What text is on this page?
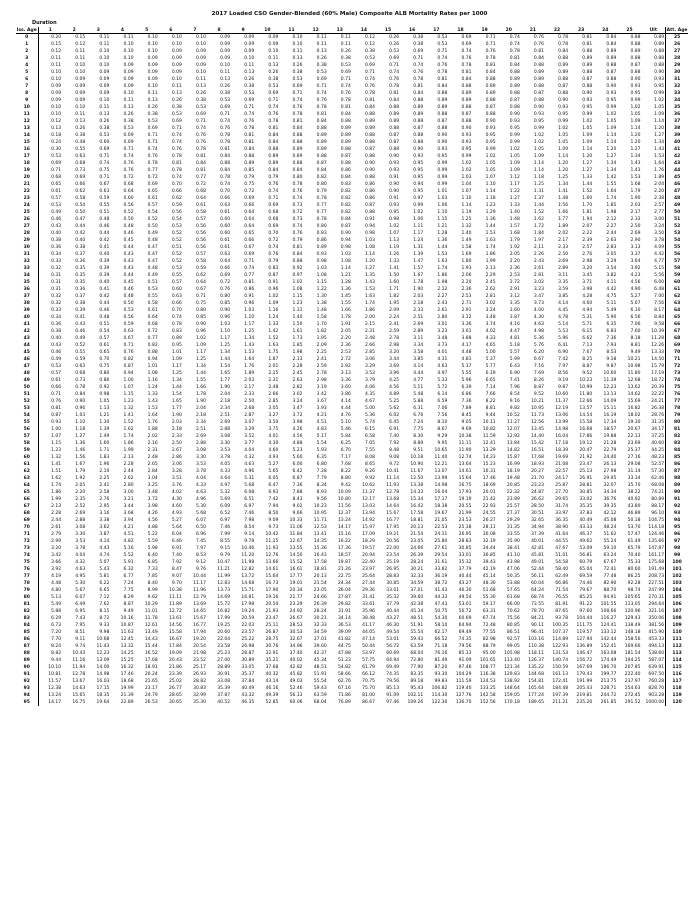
2017 Loaded CSO Gender-Blended (60% Male) Composite ALB Mortality Rates per 1000
Duration
Iss. Age	1	2	3	4	5	6	7	8	9	10	11	12	13	14	15	16	17	18	19	20	21	22	23	24	25	Ult	Att. Age
0	0.20	0.15	0.11	0.11	0.10	0.10	0.10	0.09	0.09	0.09	0.10	0.11	0.11	0.12	0.26	0.38	0.53	0.69	0.71	0.74	0.76	0.78	0.81	0.84	0.88	0.89	25
1	0.15	0.12	0.11	0.10	0.10	0.10	0.10	0.09	0.09	0.09	0.10	0.11	0.11	0.12	0.26	0.38	0.53	0.69	0.71	0.74	0.76	0.78	0.81	0.84	0.88	0.89	26
2	0.12	0.11	0.10	0.10	0.10	0.09	0.09	0.09	0.09	0.10	0.11	0.13	0.26	0.38	0.53	0.69	0.71	0.74	0.76	0.78	0.81	0.84	0.88	0.89	0.89	0.88	27
3	0.11	0.11	0.10	0.10	0.09	0.09	0.09	0.09	0.10	0.11	0.13	0.26	0.38	0.53	0.69	0.71	0.74	0.76	0.78	0.81	0.84	0.88	0.89	0.89	0.88	0.88	28
4	0.11	0.10	0.10	0.09	0.09	0.09	0.09	0.10	0.11	0.13	0.26	0.38	0.53	0.69	0.71	0.74	0.76	0.78	0.81	0.84	0.88	0.89	0.89	0.88	0.87	0.88	29
5	0.10	0.10	0.09	0.09	0.09	0.09	0.10	0.11	0.13	0.26	0.38	0.53	0.69	0.71	0.74	0.76	0.78	0.81	0.84	0.88	0.89	0.89	0.88	0.87	0.88	0.90	30
6	0.10	0.09	0.09	0.09	0.09	0.10	0.11	0.13	0.26	0.38	0.53	0.69	0.71	0.74	0.76	0.78	0.81	0.84	0.88	0.89	0.89	0.88	0.87	0.88	0.90	0.93	31
7	0.09	0.09	0.09	0.09	0.10	0.11	0.13	0.26	0.38	0.53	0.69	0.71	0.74	0.76	0.78	0.81	0.84	0.88	0.89	0.89	0.88	0.87	0.88	0.90	0.93	0.95	32
8	0.09	0.09	0.09	0.10	0.11	0.13	0.26	0.38	0.53	0.69	0.71	0.74	0.76	0.78	0.81	0.84	0.88	0.89	0.89	0.88	0.87	0.88	0.90	0.93	0.95	0.99	33
9	0.09	0.09	0.10	0.11	0.13	0.26	0.38	0.53	0.69	0.71	0.74	0.76	0.78	0.81	0.84	0.88	0.89	0.89	0.88	0.87	0.88	0.90	0.93	0.95	0.99	1.02	34
10	0.10	0.10	0.11	0.13	0.26	0.38	0.53	0.69	0.71	0.74	0.76	0.78	0.81	0.84	0.88	0.89	0.89	0.88	0.87	0.88	0.90	0.93	0.95	0.99	1.02	1.05	35
11	0.10	0.11	0.13	0.26	0.38	0.53	0.69	0.71	0.74	0.76	0.78	0.81	0.84	0.88	0.89	0.89	0.88	0.87	0.88	0.90	0.93	0.95	0.99	1.02	1.05	1.09	36
12	0.12	0.13	0.26	0.38	0.53	0.69	0.71	0.74	0.76	0.78	0.81	0.84	0.88	0.89	0.89	0.88	0.87	0.88	0.90	0.93	0.95	0.99	1.02	1.05	1.09	1.14	37
13	0.13	0.26	0.38	0.53	0.69	0.71	0.74	0.76	0.78	0.81	0.84	0.88	0.89	0.89	0.88	0.87	0.88	0.90	0.93	0.95	0.99	1.02	1.05	1.09	1.14	1.20	38
14	0.18	0.38	0.53	0.69	0.71	0.74	0.76	0.78	0.81	0.84	0.88	0.89	0.89	0.88	0.87	0.88	0.90	0.93	0.95	0.99	1.02	1.05	1.09	1.14	1.20	1.27	39
15	0.24	0.48	0.60	0.69	0.71	0.74	0.76	0.78	0.81	0.84	0.88	0.89	0.89	0.88	0.87	0.88	0.90	0.93	0.95	0.99	1.02	1.05	1.09	1.14	1.20	1.34	40
16	0.30	0.55	0.69	0.71	0.74	0.76	0.78	0.81	0.84	0.88	0.89	0.89	0.88	0.87	0.88	0.90	0.93	0.95	0.99	1.02	1.05	1.09	1.14	1.20	1.27	1.43	41
17	0.53	0.63	0.71	0.74	0.76	0.78	0.81	0.84	0.88	0.89	0.89	0.88	0.87	0.88	0.90	0.93	0.95	0.99	1.02	1.05	1.09	1.14	1.20	1.27	1.34	1.53	42
18	0.69	0.68	0.74	0.76	0.78	0.81	0.84	0.88	0.89	0.89	0.88	0.87	0.88	0.90	0.93	0.95	0.99	1.02	1.05	1.09	1.14	1.20	1.27	1.34	1.43	1.64	43
19	0.71	0.73	0.75	0.76	0.77	0.78	0.81	0.84	0.85	0.84	0.84	0.84	0.86	0.90	0.93	0.95	0.99	1.02	1.05	1.09	1.14	1.20	1.27	1.34	1.43	1.76	44
20	0.68	0.69	0.71	0.72	0.72	0.74	0.77	0.78	0.79	0.79	0.80	0.82	0.84	0.88	0.91	0.95	0.99	1.03	1.07	1.12	1.18	1.25	1.33	1.42	1.53	1.89	45
21	0.65	0.66	0.67	0.68	0.69	0.70	0.72	0.74	0.75	0.76	0.78	0.80	0.83	0.86	0.90	0.94	0.99	1.04	1.10	1.17	1.25	1.34	1.44	1.55	1.68	2.04	46
22	0.61	0.62	0.63	0.64	0.65	0.66	0.68	0.70	0.72	0.74	0.76	0.79	0.82	0.86	0.90	0.95	1.01	1.07	1.14	1.22	1.31	1.41	1.52	1.64	1.79	2.20	47
23	0.57	0.58	0.59	0.60	0.61	0.62	0.64	0.66	0.69	0.71	0.74	0.78	0.82	0.86	0.91	0.97	1.03	1.10	1.18	1.27	1.37	1.48	1.60	1.74	1.90	2.38	48
24	0.53	0.54	0.55	0.56	0.57	0.59	0.61	0.63	0.66	0.69	0.73	0.77	0.82	0.87	0.93	0.99	1.06	1.14	1.23	1.33	1.44	1.56	1.70	1.85	2.03	2.57	49
25	0.49	0.50	0.51	0.52	0.54	0.56	0.58	0.61	0.64	0.68	0.72	0.77	0.82	0.88	0.95	1.02	1.10	1.19	1.29	1.40	1.52	1.66	1.81	1.98	2.17	2.77	50
26	0.46	0.47	0.48	0.50	0.52	0.54	0.57	0.60	0.64	0.68	0.73	0.78	0.84	0.91	0.98	1.06	1.15	1.25	1.36	1.48	1.62	1.77	1.94	2.12	2.33	3.00	51
27	0.43	0.44	0.46	0.48	0.50	0.53	0.56	0.60	0.64	0.69	0.74	0.80	0.87	0.94	1.02	1.11	1.21	1.32	1.44	1.57	1.72	1.89	2.07	2.27	2.50	3.24	52
28	0.40	0.42	0.44	0.46	0.49	0.52	0.56	0.60	0.65	0.70	0.76	0.83	0.90	0.98	1.07	1.17	1.28	1.40	1.53	1.68	1.84	2.02	2.22	2.44	2.69	3.50	53
29	0.38	0.40	0.42	0.45	0.48	0.52	0.56	0.61	0.66	0.72	0.79	0.86	0.94	1.03	1.13	1.24	1.36	1.49	1.63	1.79	1.97	2.17	2.39	2.63	2.90	3.78	54
30	0.36	0.38	0.41	0.44	0.47	0.51	0.56	0.61	0.67	0.74	0.81	0.89	0.98	1.08	1.19	1.31	1.44	1.58	1.74	1.92	2.11	2.33	2.57	2.83	3.13	4.09	55
31	0.34	0.37	0.40	0.43	0.47	0.52	0.57	0.63	0.69	0.76	0.84	0.93	1.03	1.14	1.26	1.39	1.53	1.69	1.86	2.05	2.26	2.50	2.76	3.05	3.37	4.42	56
32	0.33	0.36	0.39	0.43	0.47	0.52	0.58	0.64	0.71	0.79	0.88	0.98	1.08	1.20	1.33	1.47	1.63	1.80	1.99	2.20	2.43	2.69	2.98	3.29	3.64	4.77	57
33	0.32	0.35	0.39	0.43	0.48	0.53	0.59	0.66	0.74	0.83	0.92	1.03	1.14	1.27	1.41	1.57	1.74	1.93	2.13	2.36	2.61	2.89	3.20	3.54	3.92	5.15	58
34	0.31	0.35	0.39	0.44	0.49	0.55	0.62	0.69	0.77	0.87	0.97	1.08	1.21	1.35	1.50	1.67	1.86	2.06	2.29	2.53	2.81	3.11	3.45	3.82	4.23	5.56	59
35	0.31	0.35	0.40	0.45	0.51	0.57	0.64	0.72	0.81	0.91	1.02	1.15	1.28	1.43	1.60	1.78	1.98	2.20	2.45	2.72	3.02	3.35	3.71	4.11	4.56	6.00	60
36	0.31	0.36	0.41	0.46	0.53	0.60	0.67	0.76	0.86	0.96	1.08	1.22	1.36	1.53	1.71	1.90	2.12	2.36	2.62	2.91	3.23	3.59	3.98	4.42	4.90	6.48	61
37	0.32	0.37	0.42	0.48	0.55	0.63	0.71	0.80	0.91	1.02	1.15	1.30	1.45	1.63	1.82	2.03	2.27	2.53	2.81	3.12	3.47	3.85	4.28	4.75	5.27	7.00	62
38	0.32	0.38	0.44	0.50	0.58	0.66	0.75	0.85	0.96	1.09	1.23	1.38	1.55	1.74	1.95	2.18	2.43	2.71	3.02	3.35	3.73	4.14	4.60	5.11	5.67	7.56	63
39	0.33	0.39	0.46	0.53	0.61	0.70	0.80	0.90	1.03	1.16	1.31	1.48	1.66	1.86	2.09	2.33	2.61	2.91	3.24	3.60	4.00	4.45	4.94	5.49	6.10	8.17	64
40	0.34	0.41	0.48	0.56	0.64	0.74	0.85	0.96	1.10	1.24	1.40	1.58	1.78	2.00	2.24	2.51	2.80	3.12	3.48	3.87	4.30	4.78	5.31	5.90	6.56	8.84	65
41	0.36	0.43	0.51	0.59	0.68	0.78	0.90	1.03	1.17	1.33	1.50	1.70	1.91	2.15	2.41	2.69	3.01	3.36	3.74	4.16	4.63	5.14	5.71	6.35	7.06	9.58	66
42	0.38	0.46	0.54	0.63	0.72	0.83	0.96	1.10	1.25	1.42	1.61	1.82	2.05	2.31	2.59	2.89	3.23	3.61	4.02	4.47	4.98	5.53	6.15	6.83	7.60	10.39	67
43	0.40	0.49	0.57	0.67	0.77	0.89	1.02	1.17	1.34	1.52	1.73	1.95	2.20	2.48	2.78	3.11	3.48	3.88	4.33	4.81	5.36	5.96	6.62	7.36	8.18	11.28	68
44	0.43	0.52	0.61	0.71	0.82	0.95	1.09	1.25	1.43	1.63	1.85	2.09	2.36	2.66	2.98	3.34	3.73	4.17	4.65	5.18	5.76	6.41	7.13	7.93	8.81	12.26	69
45	0.46	0.55	0.65	0.76	0.88	1.01	1.17	1.34	1.53	1.75	1.98	2.25	2.53	2.85	3.20	3.58	4.01	4.48	5.00	5.57	6.20	6.90	7.67	8.53	9.49	13.33	70
46	0.49	0.59	0.70	0.82	0.94	1.09	1.25	1.44	1.64	1.87	2.13	2.41	2.72	3.06	3.44	3.85	4.31	4.81	5.37	5.99	6.67	7.42	8.25	9.18	10.21	14.50	71
47	0.53	0.63	0.75	0.87	1.01	1.17	1.34	1.54	1.76	2.01	2.28	2.59	2.92	3.29	3.69	4.14	4.63	5.17	5.77	6.43	7.16	7.97	8.87	9.87	10.98	15.79	72
48	0.57	0.68	0.80	0.94	1.08	1.25	1.44	1.65	1.89	2.15	2.45	2.78	3.13	3.53	3.96	4.44	4.97	5.55	6.19	6.90	7.69	8.56	9.52	10.60	11.80	17.19	73
49	0.61	0.73	0.86	1.00	1.16	1.34	1.55	1.77	2.03	2.31	2.63	2.98	3.36	3.79	4.25	4.77	5.33	5.96	6.65	7.41	8.26	9.19	10.23	11.39	12.68	18.72	74
50	0.66	0.78	0.92	1.07	1.24	1.44	1.66	1.90	2.17	2.48	2.82	3.19	3.60	4.06	4.56	5.11	5.72	6.39	7.14	7.96	8.87	9.87	10.99	12.23	13.62	20.39	75
51	0.71	0.84	0.98	1.15	1.33	1.54	1.78	2.04	2.33	2.66	3.02	3.42	3.86	4.35	4.89	5.48	6.14	6.86	7.66	8.54	9.52	10.60	11.80	13.13	14.62	22.22	76
52	0.76	0.90	1.05	1.23	1.43	1.65	1.90	2.18	2.50	2.85	3.24	3.67	4.14	4.67	5.25	5.88	6.59	7.36	8.22	9.16	10.21	11.37	12.66	14.09	15.69	24.21	77
53	0.81	0.96	1.13	1.32	1.53	1.77	2.04	2.34	2.68	3.05	3.47	3.93	4.44	5.00	5.62	6.31	7.06	7.89	8.81	9.82	10.95	12.19	13.57	15.11	16.82	26.38	78
54	0.87	1.03	1.21	1.41	1.64	1.90	2.18	2.51	2.87	3.27	3.72	4.21	4.76	5.36	6.02	6.76	7.56	8.45	9.44	10.52	11.73	13.06	14.54	16.19	18.02	28.76	79
55	0.93	1.10	1.30	1.52	1.76	2.03	2.34	2.69	3.07	3.50	3.98	4.51	5.10	5.74	6.45	7.24	8.10	9.05	10.11	11.27	12.56	13.99	15.58	17.34	19.30	31.35	80
56	1.00	1.18	1.39	1.62	1.88	2.18	2.51	2.88	3.29	3.75	4.26	4.83	5.46	6.15	6.91	7.75	8.67	9.69	10.82	12.07	13.45	14.98	16.68	18.57	20.67	34.17	81
57	1.07	1.27	1.49	1.74	2.02	2.33	2.69	3.08	3.52	4.01	4.56	5.17	5.84	6.58	7.40	8.30	9.29	10.38	11.59	12.92	14.40	16.04	17.86	19.88	22.13	37.25	82
58	1.15	1.36	1.60	1.86	2.16	2.50	2.88	3.30	3.77	4.30	4.88	5.54	6.25	7.05	7.92	8.89	9.95	11.11	12.41	13.84	15.42	17.18	19.12	21.28	23.69	40.60	83
59	1.23	1.46	1.71	1.99	2.31	2.67	3.08	3.53	4.04	4.60	5.23	5.93	6.70	7.55	8.48	9.51	10.65	11.90	13.29	14.82	16.51	18.39	20.47	22.79	25.37	44.25	84
60	1.32	1.56	1.83	2.13	2.48	2.86	3.30	3.78	4.32	4.93	5.60	6.35	7.17	8.08	9.08	10.18	11.40	12.74	14.23	15.87	17.68	19.69	21.92	24.40	27.16	48.23	85
61	1.41	1.67	1.96	2.28	2.65	3.06	3.53	4.05	4.63	5.27	6.00	6.80	7.68	8.65	9.72	10.90	12.21	13.64	15.23	16.99	18.93	21.08	23.47	26.13	29.08	52.57	86
62	1.51	1.79	2.10	2.44	2.84	3.28	3.78	4.33	4.96	5.65	6.42	7.28	8.22	9.26	10.41	11.67	13.07	14.61	16.31	18.19	20.27	22.57	25.13	27.98	31.14	57.30	87
63	1.62	1.92	2.25	2.62	3.04	3.51	4.04	4.64	5.31	6.05	6.87	7.79	8.80	9.92	11.14	12.50	13.99	15.64	17.46	19.48	21.70	24.17	26.91	29.95	33.34	62.46	88
64	1.74	2.05	2.41	2.80	3.25	3.76	4.33	4.97	5.68	6.47	7.36	8.34	9.42	10.62	11.93	13.38	14.98	16.75	18.69	20.85	23.23	25.87	28.81	32.07	35.70	68.08	89
65	1.86	2.20	2.58	3.00	3.48	4.02	4.63	5.32	6.08	6.93	7.88	8.93	10.09	11.37	12.78	14.33	16.04	17.93	20.01	22.32	24.87	27.70	30.85	34.34	38.22	74.21	90
66	1.99	2.35	2.76	3.21	3.72	4.30	4.96	5.69	6.51	7.42	8.43	9.56	10.80	12.17	13.68	15.34	17.17	19.19	21.42	23.89	26.62	29.65	33.02	36.76	40.92	80.89	91
67	2.13	2.52	2.95	3.44	3.98	4.60	5.30	6.09	6.97	7.94	9.02	10.23	11.56	13.03	14.64	16.42	18.38	20.55	22.93	25.57	28.50	31.74	35.35	39.35	43.80	88.17	92
68	2.28	2.69	3.16	3.68	4.26	4.93	5.68	6.52	7.46	8.50	9.66	10.95	12.37	13.94	15.67	17.58	19.67	21.99	24.55	27.37	30.51	33.97	37.83	42.12	46.89	96.10	93
69	2.44	2.88	3.38	3.94	4.56	5.27	6.07	6.97	7.98	9.09	10.33	11.71	13.24	14.92	16.77	18.81	21.05	23.53	26.27	29.29	32.65	36.35	40.49	45.08	50.18	104.75	94
70	2.61	3.08	3.62	4.21	4.88	5.64	6.50	7.46	8.54	9.73	11.06	12.53	14.17	15.97	17.95	20.13	22.53	25.18	28.11	31.35	34.94	38.90	43.33	48.24	53.70	114.18	95
71	2.79	3.30	3.87	4.51	5.22	6.04	6.96	7.99	9.14	10.42	11.84	13.41	15.16	17.09	19.21	21.54	24.11	26.95	30.08	33.55	37.39	41.64	46.37	51.62	57.47	124.46	96
72	2.99	3.53	4.14	4.82	5.59	6.46	7.45	8.55	9.78	11.15	12.67	14.35	16.22	18.29	20.56	23.05	25.80	28.83	32.19	35.90	40.01	44.55	49.62	55.24	61.49	135.66	97
73	3.20	3.78	4.43	5.16	5.98	6.91	7.97	9.15	10.46	11.93	13.55	15.36	17.36	19.57	22.00	24.66	27.61	30.85	34.44	38.41	42.81	47.67	53.09	59.10	65.79	147.87	98
74	3.42	4.04	4.74	5.52	6.40	7.40	8.53	9.79	11.20	12.76	14.50	16.43	18.57	20.94	23.54	26.39	29.54	33.01	36.85	41.10	45.81	51.01	56.81	63.24	70.40	161.17	99
75	3.66	4.32	5.07	5.91	6.85	7.92	9.12	10.47	11.98	13.66	15.52	17.58	19.87	22.40	25.19	28.24	31.61	35.32	39.43	43.98	49.01	54.58	60.79	67.67	75.33	175.68	100
76	3.92	4.63	5.43	6.32	7.33	8.47	9.76	11.21	12.82	14.61	16.61	18.81	21.26	23.97	26.95	30.21	33.82	37.79	42.19	47.06	52.44	58.40	65.04	72.41	80.60	191.49	101
77	4.19	4.95	5.81	6.77	7.85	9.07	10.44	11.99	13.72	15.64	17.77	20.13	22.75	25.64	28.83	32.33	36.19	40.44	45.14	50.35	56.11	62.49	69.59	77.48	86.25	208.73	102
78	4.48	5.30	6.22	7.24	8.40	9.70	11.17	12.83	14.68	16.73	19.01	21.54	24.34	27.44	30.85	34.59	38.72	43.27	48.30	53.88	60.04	66.86	74.46	82.90	92.28	227.51	103
79	4.80	5.67	6.65	7.75	8.99	10.38	11.96	13.73	15.71	17.90	20.34	23.05	26.04	29.36	33.01	37.01	41.43	46.30	51.68	57.65	64.24	71.54	79.67	88.70	98.74	247.99	104
80	5.13	6.07	7.12	8.29	9.62	11.11	12.79	14.69	16.81	19.16	21.77	24.66	27.87	31.41	35.32	39.60	44.33	49.54	55.30	61.68	68.74	76.55	85.25	94.91	105.65	270.31	105
81	5.49	6.49	7.62	8.87	10.29	11.89	13.69	15.72	17.98	20.50	23.29	26.39	29.82	33.61	37.79	42.38	47.43	53.01	59.17	66.00	73.55	81.91	91.22	101.55	113.05	294.64	106
82	5.88	6.95	8.15	9.49	11.01	12.72	14.65	16.82	19.24	21.93	24.92	28.24	31.91	35.96	40.44	45.34	50.75	56.72	63.31	70.62	78.70	87.65	97.60	108.66	120.96	321.16	107
83	6.29	7.43	8.72	10.16	11.78	13.61	15.67	17.99	20.59	23.47	26.67	30.21	34.14	38.48	43.27	48.51	54.30	60.69	67.74	75.56	84.21	93.78	104.44	116.27	129.43	350.06	108
84	6.73	7.95	9.33	10.87	12.61	14.56	16.77	19.25	22.03	25.11	28.53	32.33	36.53	41.17	46.30	51.91	58.10	64.94	72.48	80.85	90.11	100.35	111.75	124.41	138.49	381.56	109
85	7.20	8.51	9.98	11.63	13.49	15.58	17.94	20.60	23.57	26.87	30.53	34.59	39.09	44.05	49.54	55.54	62.17	69.49	77.55	86.51	96.41	107.37	119.57	133.12	148.18	415.90	110
86	7.70	9.11	10.68	12.45	14.43	16.67	19.20	22.04	25.22	28.75	32.67	37.01	41.82	47.14	53.01	59.43	66.52	74.35	82.98	92.57	103.16	114.89	127.94	142.44	158.56	453.33	111
87	8.24	9.74	11.43	13.32	15.44	17.84	20.54	23.58	26.98	30.76	34.96	39.60	44.75	50.44	56.72	63.59	71.18	79.56	88.79	99.05	110.38	122.93	136.89	152.41	169.66	494.13	112
88	8.82	10.43	12.23	14.25	16.52	19.09	21.98	25.23	28.87	32.91	37.40	42.37	47.88	53.97	60.69	68.04	76.16	85.13	95.00	105.98	118.11	131.53	146.47	163.08	181.54	538.60	113
89	9.44	11.16	13.09	15.25	17.68	20.43	23.52	27.00	30.89	35.21	40.02	45.34	51.23	57.75	64.94	72.80	81.49	91.09	101.65	113.40	126.37	140.74	156.72	174.49	194.25	587.07	114
90	10.10	11.94	14.00	16.32	18.91	21.86	25.17	28.89	33.05	37.68	42.82	48.51	54.82	61.79	69.49	77.90	87.20	97.46	108.77	121.34	135.22	150.59	167.69	186.70	207.85	639.91	115
91	10.81	12.78	14.98	17.46	20.24	23.39	26.93	30.91	35.37	40.32	45.82	51.91	58.66	66.12	74.35	83.35	93.30	104.29	116.38	129.83	144.68	161.13	179.43	199.77	222.40	697.50	116
92	11.57	13.67	16.03	18.68	21.65	25.02	28.82	33.08	37.84	43.14	49.03	55.54	62.76	70.75	79.56	89.18	99.83	111.59	124.53	138.92	154.81	172.41	191.99	213.75	237.97	760.28	117
93	12.38	14.63	17.15	19.99	23.17	26.77	30.83	35.39	40.49	46.16	52.46	59.43	67.16	75.70	85.13	95.43	106.82	119.40	133.25	148.64	165.64	184.48	205.43	228.71	254.63	828.70	118
94	13.24	15.65	18.35	21.39	24.79	28.65	32.99	37.87	43.32	49.39	56.13	63.59	71.86	81.00	91.09	102.11	114.30	127.76	142.58	159.05	177.24	197.39	219.81	244.72	272.45	903.28	119
95	14.17	16.75	19.64	22.89	26.53	30.65	35.30	40.52	46.35	52.85	60.06	68.04	76.89	86.67	97.46	109.26	122.30	136.70	152.56	170.18	189.65	211.21	235.20	261.85	291.52	1000.00	120
